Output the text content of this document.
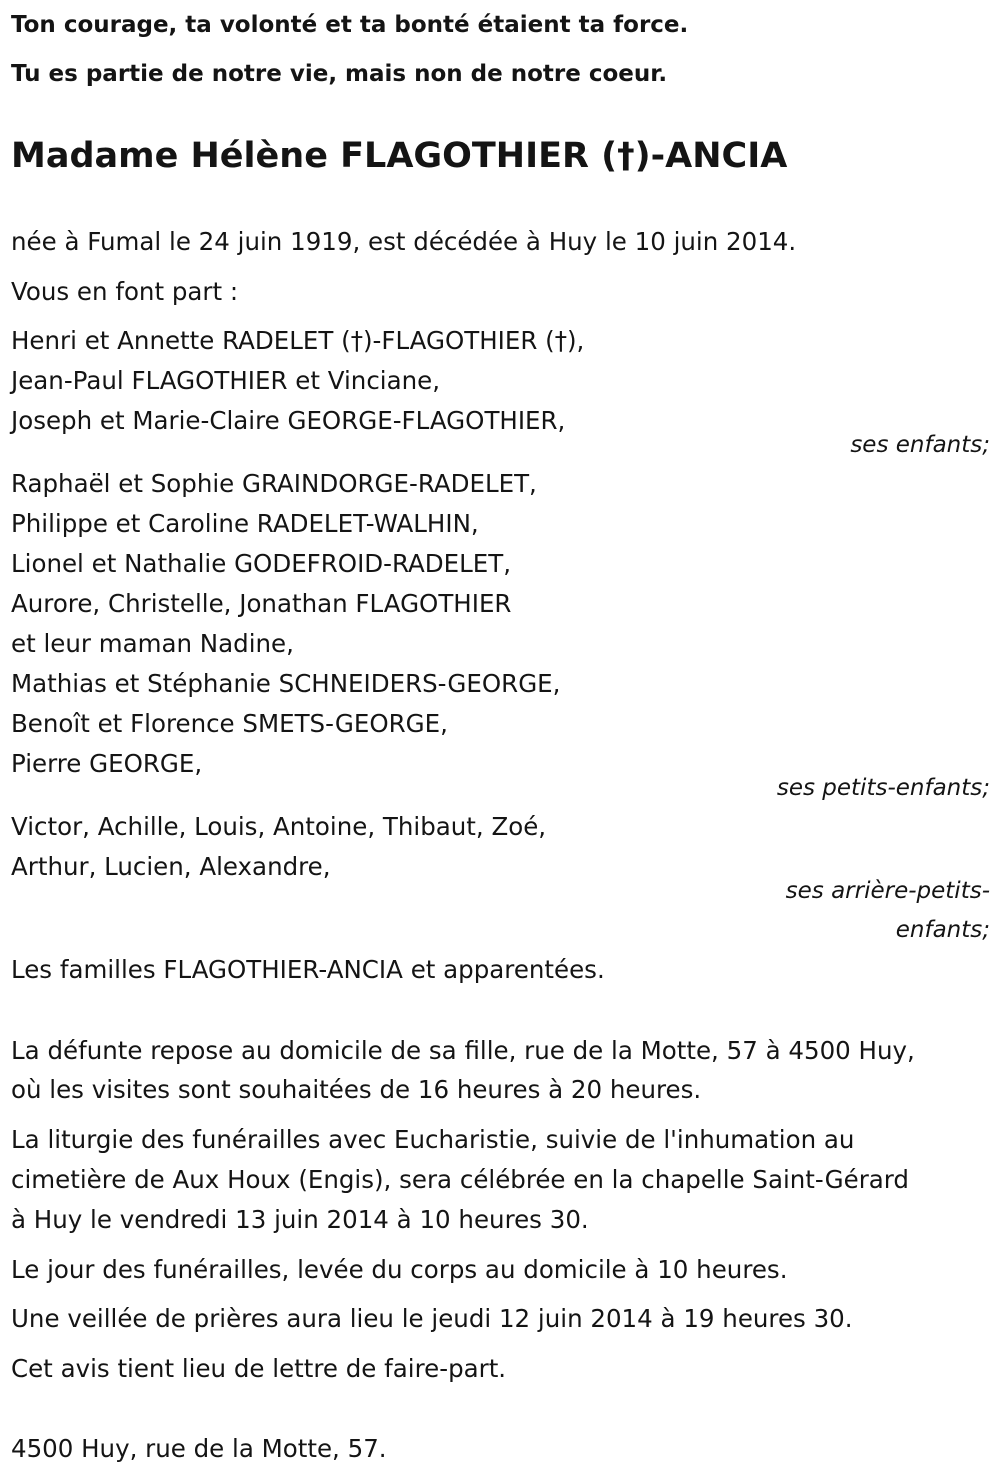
Ton courage, ta volonté et ta bonté étaient ta force.
Tu es partie de notre vie, mais non de notre coeur.
Madame Hélène FLAGOTHIER (†)-ANCIA
née à Fumal le 24 juin 1919, est décédée à Huy le 10 juin 2014.
Vous en font part :
Henri et Annette RADELET (†)-FLAGOTHIER (†),
Jean-Paul FLAGOTHIER et Vinciane,
Joseph et Marie-Claire GEORGE-FLAGOTHIER,
ses enfants;
Raphaël et Sophie GRAINDORGE-RADELET,
Philippe et Caroline RADELET-WALHIN,
Lionel et Nathalie GODEFROID-RADELET,
Aurore, Christelle, Jonathan FLAGOTHIER
et leur maman Nadine,
Mathias et Stéphanie SCHNEIDERS-GEORGE,
Benoît et Florence SMETS-GEORGE,
Pierre GEORGE,
ses petits-enfants;
Victor, Achille, Louis, Antoine, Thibaut, Zoé,
Arthur, Lucien, Alexandre,
ses arrière-petits-
enfants;
Les familles FLAGOTHIER-ANCIA et apparentées.
La défunte repose au domicile de sa fille, rue de la Motte, 57 à 4500 Huy,
où les visites sont souhaitées de 16 heures à 20 heures.
La liturgie des funérailles avec Eucharistie, suivie de l'inhumation au
cimetière de Aux Houx (Engis), sera célébrée en la chapelle Saint-Gérard
à Huy le vendredi 13 juin 2014 à 10 heures 30.
Le jour des funérailles, levée du corps au domicile à 10 heures.
Une veillée de prières aura lieu le jeudi 12 juin 2014 à 19 heures 30.
Cet avis tient lieu de lettre de faire-part.
4500 Huy, rue de la Motte, 57.
